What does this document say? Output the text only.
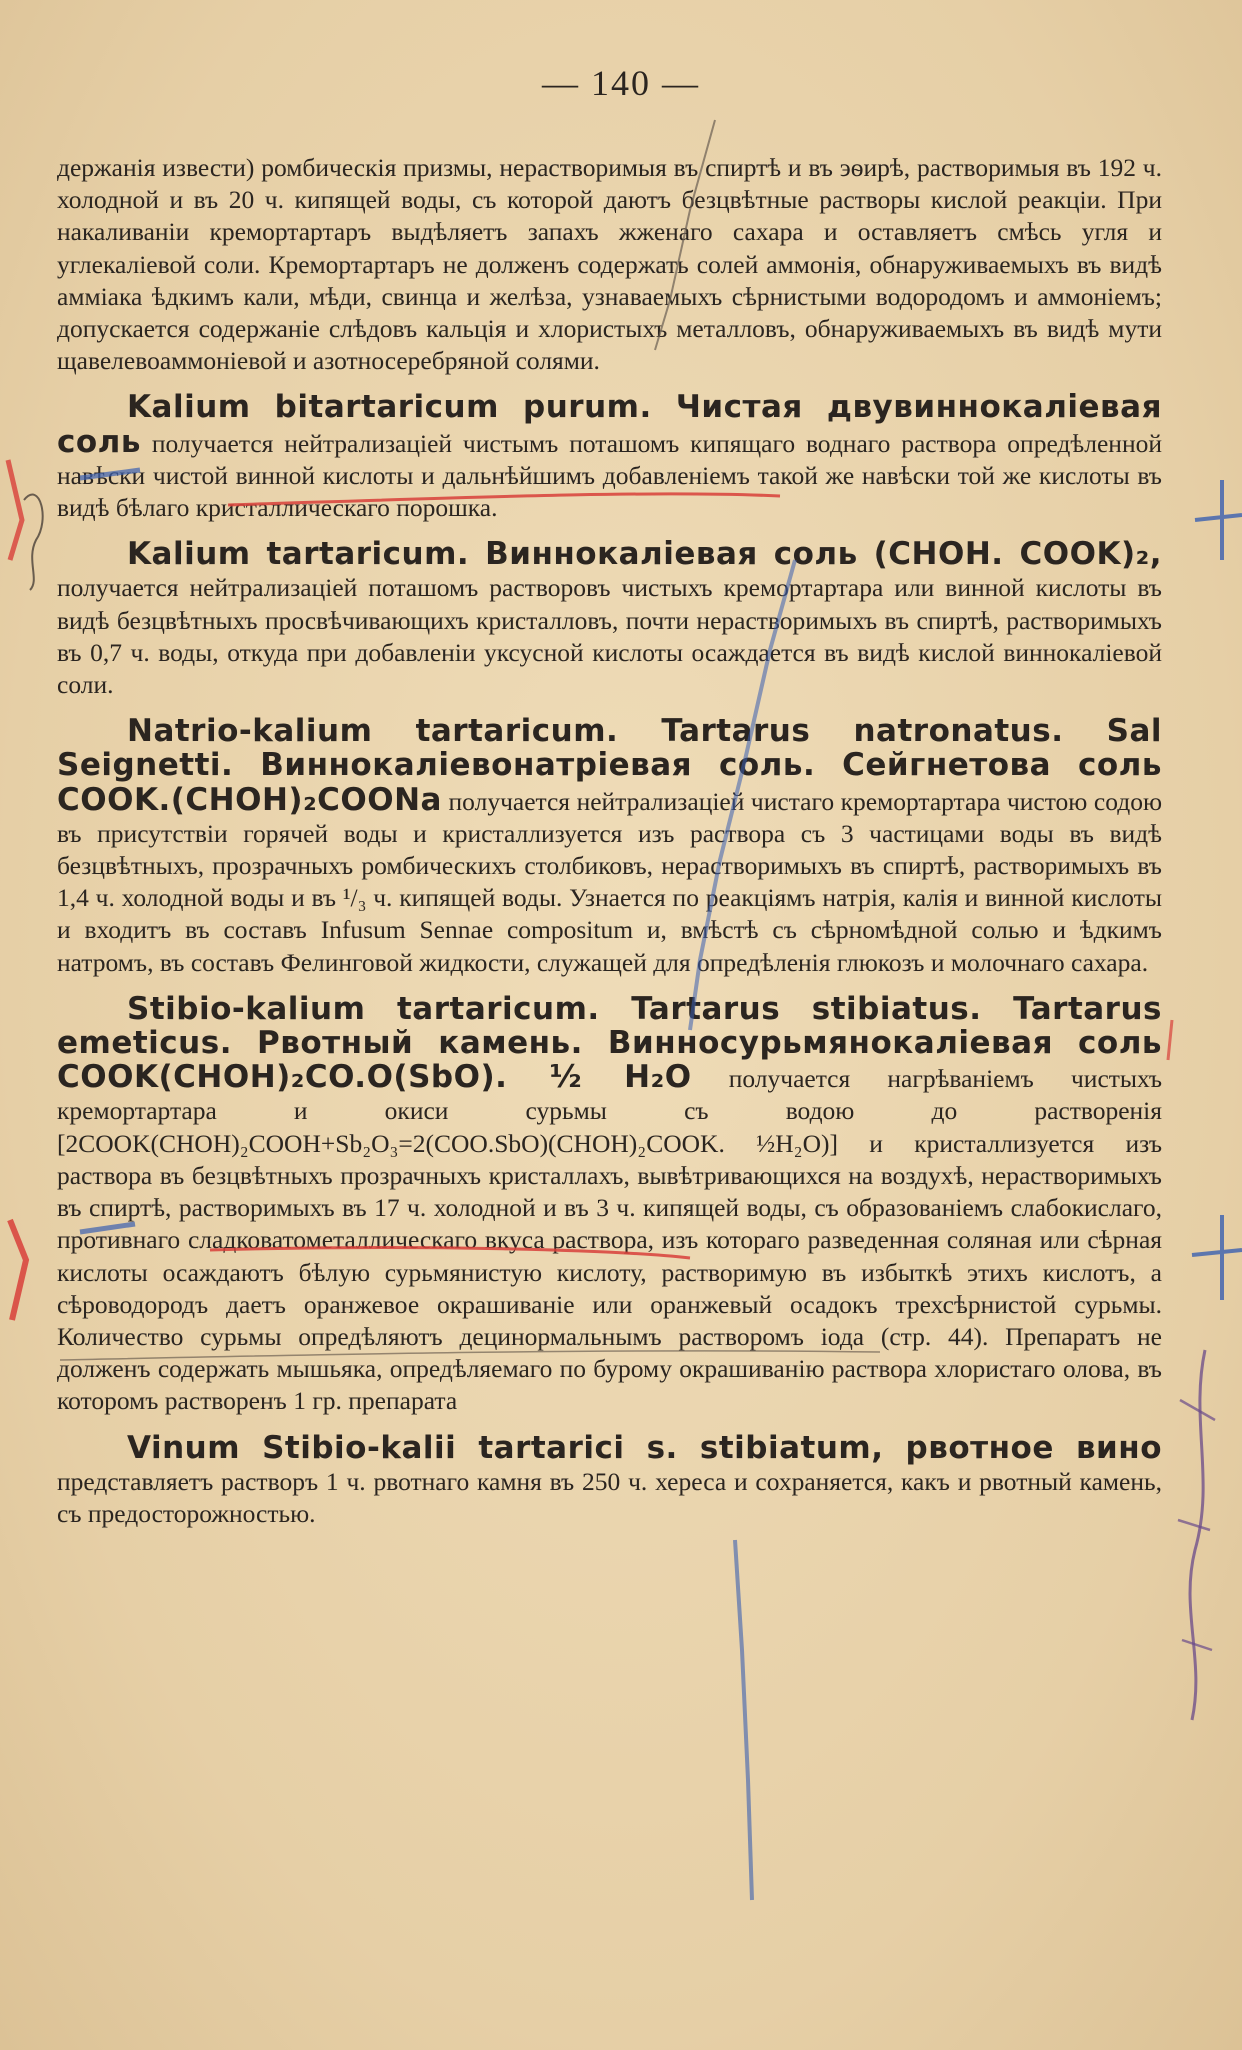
— 140 —

держанія извести) ромбическія призмы, нерастворимыя въ спиртѣ и въ эѳирѣ, растворимыя въ 192 ч. холодной и въ 20 ч. кипящей воды, съ которой даютъ безцвѣтные растворы кислой реакціи. При накаливаніи кремортартаръ выдѣляетъ запахъ жженаго сахара и оставляетъ смѣсь угля и углекаліевой соли. Кремортартаръ не долженъ содержать солей аммонія, обнаруживаемыхъ въ видѣ амміака ѣдкимъ кали, мѣди, свинца и желѣза, узнаваемыхъ сѣрнистыми водородомъ и аммоніемъ; допускается содержаніе слѣдовъ кальція и хлористыхъ металловъ, обнаруживаемыхъ въ видѣ мути щавелевоаммоніевой и азотносеребряной солями.

Kalium bitartaricum purum. Чистая двувиннокаліевая соль получается нейтрализаціей чистымъ поташомъ кипящаго воднаго раствора опредѣленной навѣски чистой винной кислоты и дальнѣйшимъ добавленіемъ такой же навѣски той же кислоты въ видѣ бѣлаго кристаллическаго порошка.

Kalium tartaricum. Виннокаліевая соль (CHOH. COOK)₂, получается нейтрализаціей поташомъ растворовъ чистыхъ кремортартара или винной кислоты въ видѣ безцвѣтныхъ просвѣчивающихъ кристалловъ, почти нерастворимыхъ въ спиртѣ, растворимыхъ въ 0,7 ч. воды, откуда при добавленіи уксусной кислоты осаждается въ видѣ кислой виннокаліевой соли.

Natrio-kalium tartaricum. Tartarus natronatus. Sal Seignetti. Виннокаліевонатріевая соль. Сейгнетова соль COOK.(CHOH)₂COONa получается нейтрализаціей чистаго кремортартара чистою содою въ присутствіи горячей воды и кристаллизуется изъ раствора съ 3 частицами воды въ видѣ безцвѣтныхъ, прозрачныхъ ромбическихъ столбиковъ, нерастворимыхъ въ спиртѣ, растворимыхъ въ 1,4 ч. холодной воды и въ ¹/₃ ч. кипящей воды. Узнается по реакціямъ натрія, калія и винной кислоты и входитъ въ составъ Infusum Sennae compositum и, вмѣстѣ съ сѣрномѣдной солью и ѣдкимъ натромъ, въ составъ Фелинговой жидкости, служащей для опредѣленія глюкозъ и молочнаго сахара.

Stibio-kalium tartaricum. Tartarus stibiatus. Tartarus emeticus. Рвотный камень. Винносурьмянокаліевая соль COOK(CHOH)₂CO.O(SbO). ½ H₂O получается нагрѣваніемъ чистыхъ кремортартара и окиси сурьмы съ водою до растворенія [2COOK(CHOH)₂COOH+Sb₂O₃=2(COO.SbO)(CHOH)₂COOK. ½H₂O)] и кристаллизуется изъ раствора въ безцвѣтныхъ прозрачныхъ кристаллахъ, вывѣтривающихся на воздухѣ, нерастворимыхъ въ спиртѣ, растворимыхъ въ 17 ч. холодной и въ 3 ч. кипящей воды, съ образованіемъ слабокислаго, противнаго сладковатометаллическаго вкуса раствора, изъ котораго разведенная соляная или сѣрная кислоты осаждаютъ бѣлую сурьмянистую кислоту, растворимую въ избыткѣ этихъ кислотъ, а сѣроводородъ даетъ оранжевое окрашиваніе или оранжевый осадокъ трехсѣрнистой сурьмы. Количество сурьмы опредѣляютъ децинормальнымъ растворомъ іода (стр. 44). Препаратъ не долженъ содержать мышьяка, опредѣляемаго по бурому окрашиванію раствора хлористаго олова, въ которомъ растворенъ 1 гр. препарата

Vinum Stibio-kalii tartarici s. stibiatum, рвотное вино представляетъ растворъ 1 ч. рвотнаго камня въ 250 ч. хереса и сохраняется, какъ и рвотный камень, съ предосторожностью.
